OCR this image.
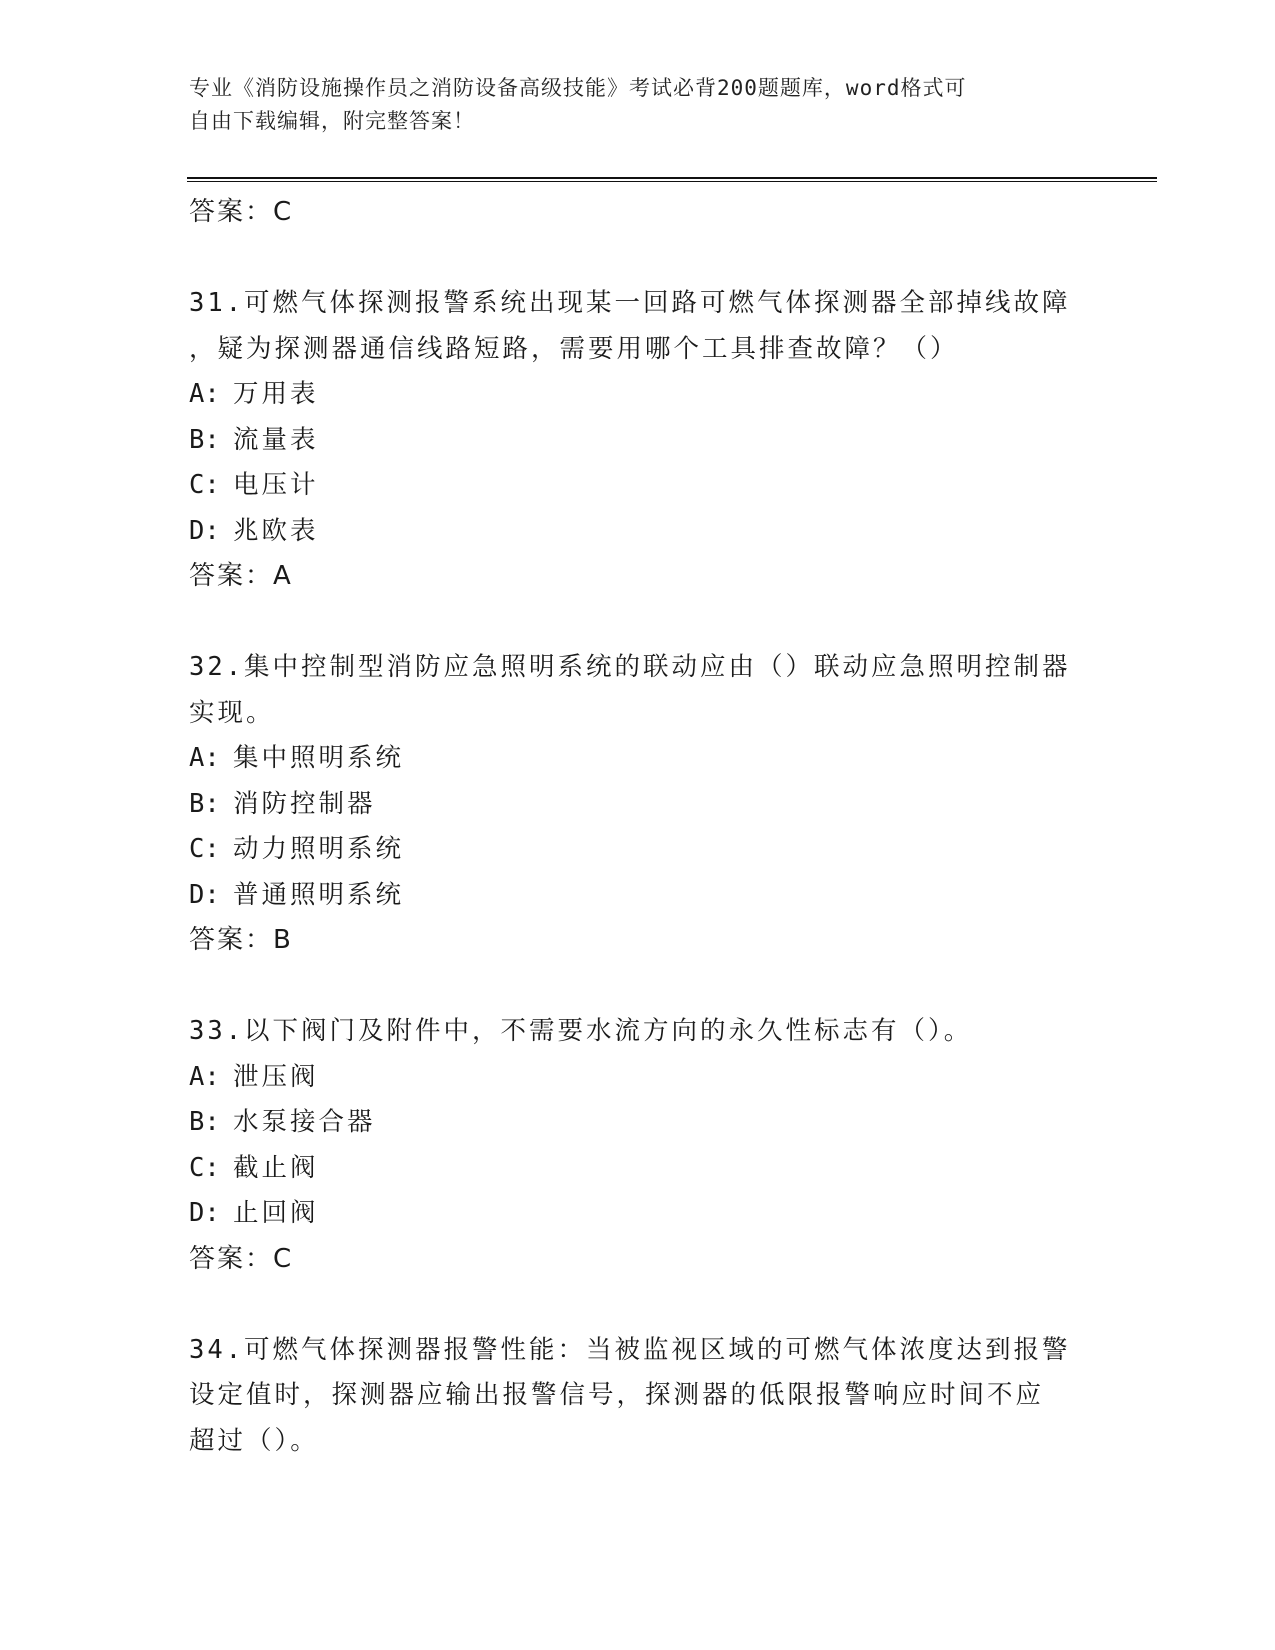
专业《消防设施操作员之消防设备高级技能》考试必背200题题库，word格式可
自由下载编辑，附完整答案！
答案：C
31.可燃气体探测报警系统出现某一回路可燃气体探测器全部掉线故障
，疑为探测器通信线路短路，需要用哪个工具排查故障？（）
A: 万用表
B: 流量表
C: 电压计
D: 兆欧表
答案：A
32.集中控制型消防应急照明系统的联动应由（）联动应急照明控制器
实现。
A: 集中照明系统
B: 消防控制器
C: 动力照明系统
D: 普通照明系统
答案：B
33.以下阀门及附件中，不需要水流方向的永久性标志有（）。
A: 泄压阀
B: 水泵接合器
C: 截止阀
D: 止回阀
答案：C
34.可燃气体探测器报警性能：当被监视区域的可燃气体浓度达到报警
设定值时，探测器应输出报警信号，探测器的低限报警响应时间不应
超过（）。
